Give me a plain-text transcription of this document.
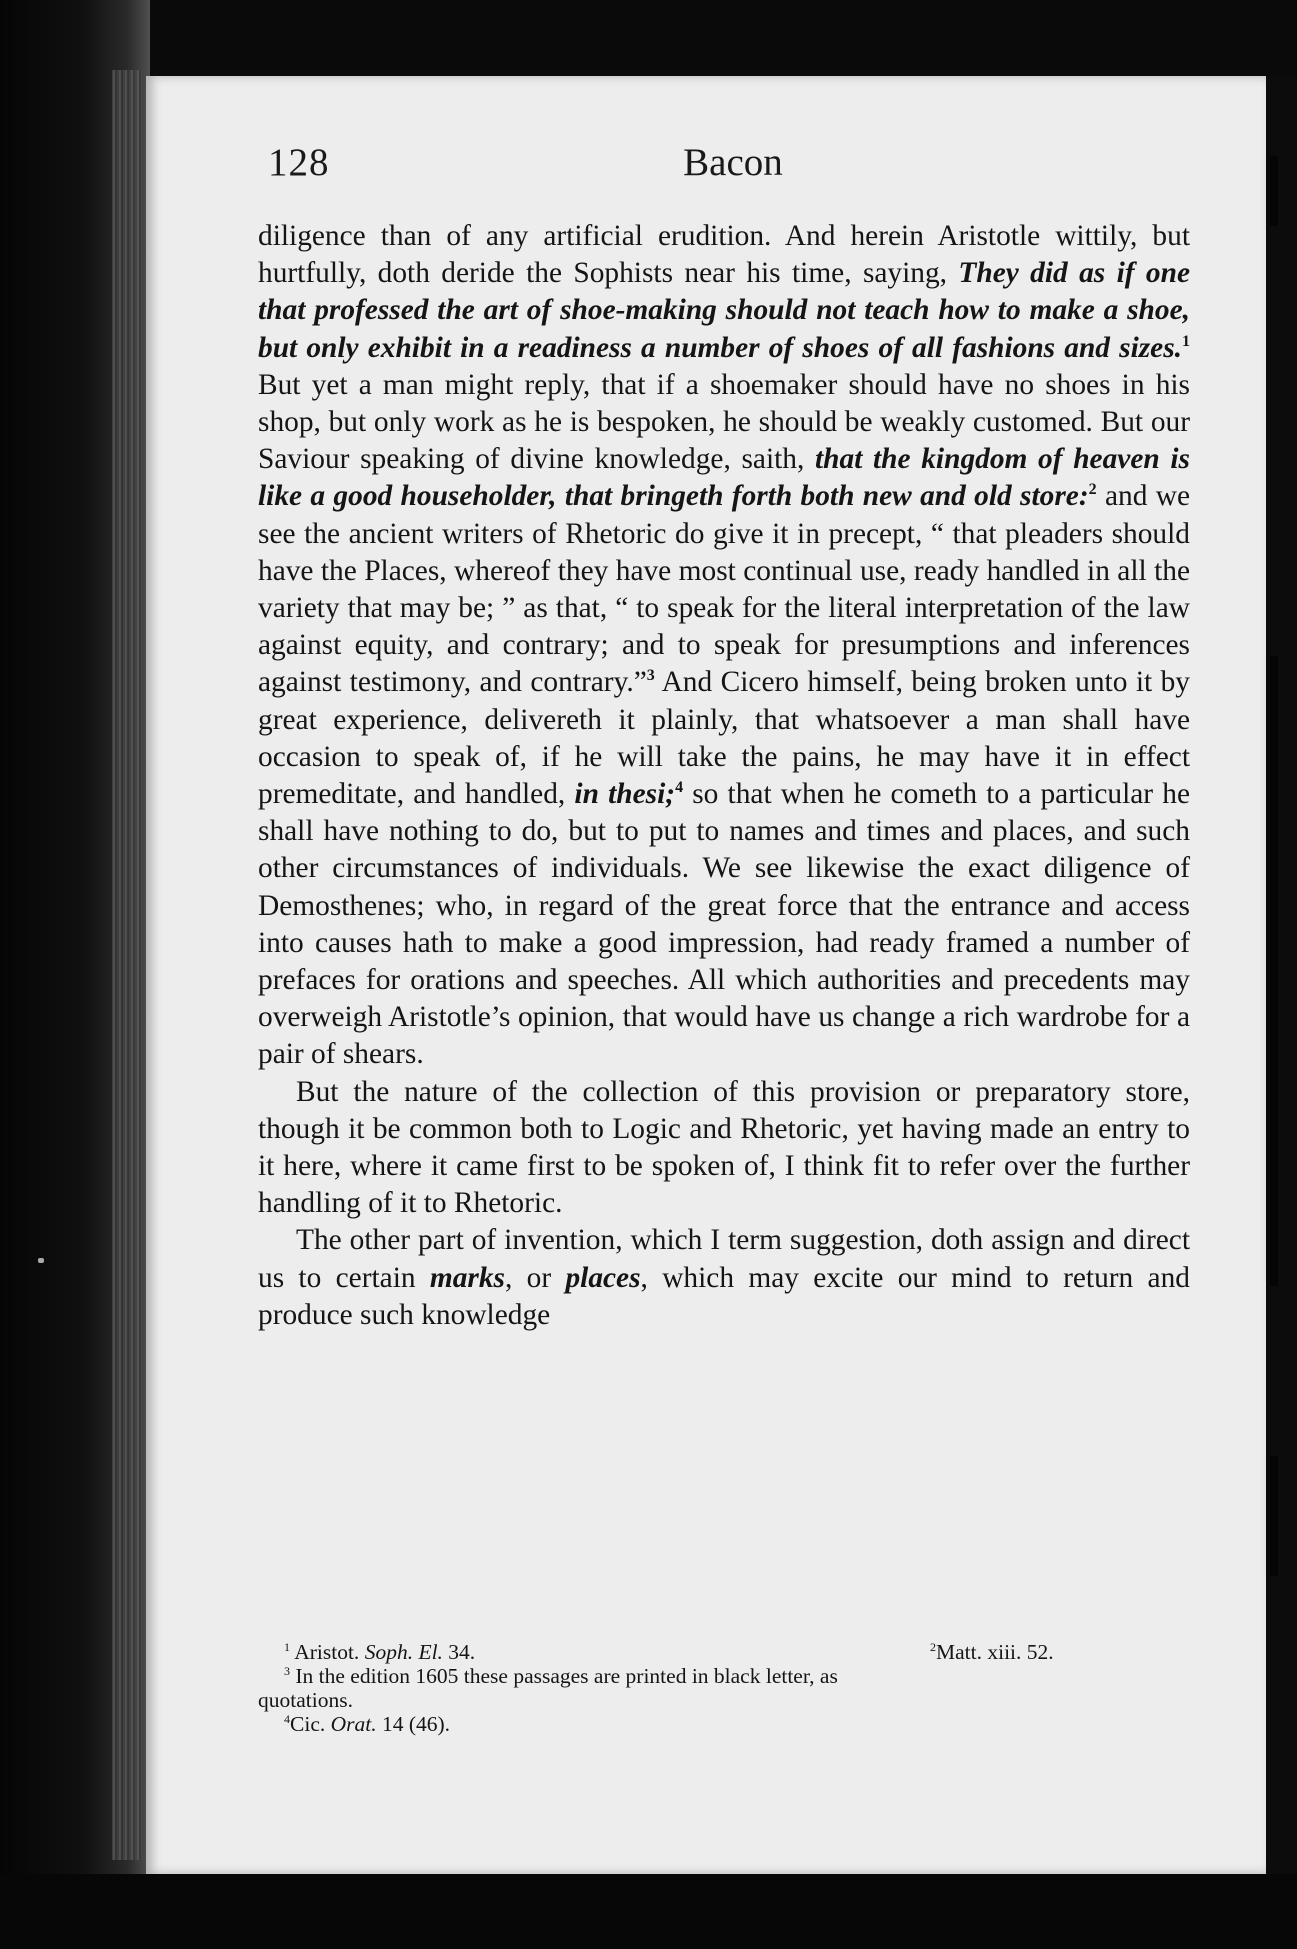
128	Bacon

diligence than of any artificial erudition. And herein Aristotle wittily, but hurtfully, doth deride the Sophists near his time, saying, They did as if one that professed the art of shoe-making should not teach how to make a shoe, but only exhibit in a readiness a number of shoes of all fashions and sizes.$^1$ But yet a man might reply, that if a shoemaker should have no shoes in his shop, but only work as he is bespoken, he should be weakly customed. But our Saviour speaking of divine knowledge, saith, that the kingdom of heaven is like a good householder, that bringeth forth both new and old store:$^2$ and we see the ancient writers of Rhetoric do give it in precept, “ that pleaders should have the Places, whereof they have most continual use, ready handled in all the variety that may be; ” as that, “ to speak for the literal interpretation of the law against equity, and contrary; and to speak for presumptions and inferences against testimony, and contrary.”$^3$ And Cicero himself, being broken unto it by great experience, delivereth it plainly, that whatsoever a man shall have occasion to speak of, if he will take the pains, he may have it in effect premeditate, and handled, in thesi;$^4$ so that when he cometh to a particular he shall have nothing to do, but to put to names and times and places, and such other circumstances of individuals. We see likewise the exact diligence of Demosthenes; who, in regard of the great force that the entrance and access into causes hath to make a good impression, had ready framed a number of prefaces for orations and speeches. All which authorities and precedents may overweigh Aristotle’s opinion, that would have us change a rich wardrobe for a pair of shears.

But the nature of the collection of this provision or preparatory store, though it be common both to Logic and Rhetoric, yet having made an entry to it here, where it came first to be spoken of, I think fit to refer over the further handling of it to Rhetoric.

The other part of invention, which I term suggestion, doth assign and direct us to certain marks, or places, which may excite our mind to return and produce such knowledge

$^1$ Aristot. Soph. El. 34.	$^2$Matt. xiii. 52.
$^3$ In the edition 1605 these passages are printed in black letter, as
quotations.
$^4$Cic. Orat. 14 (46).
